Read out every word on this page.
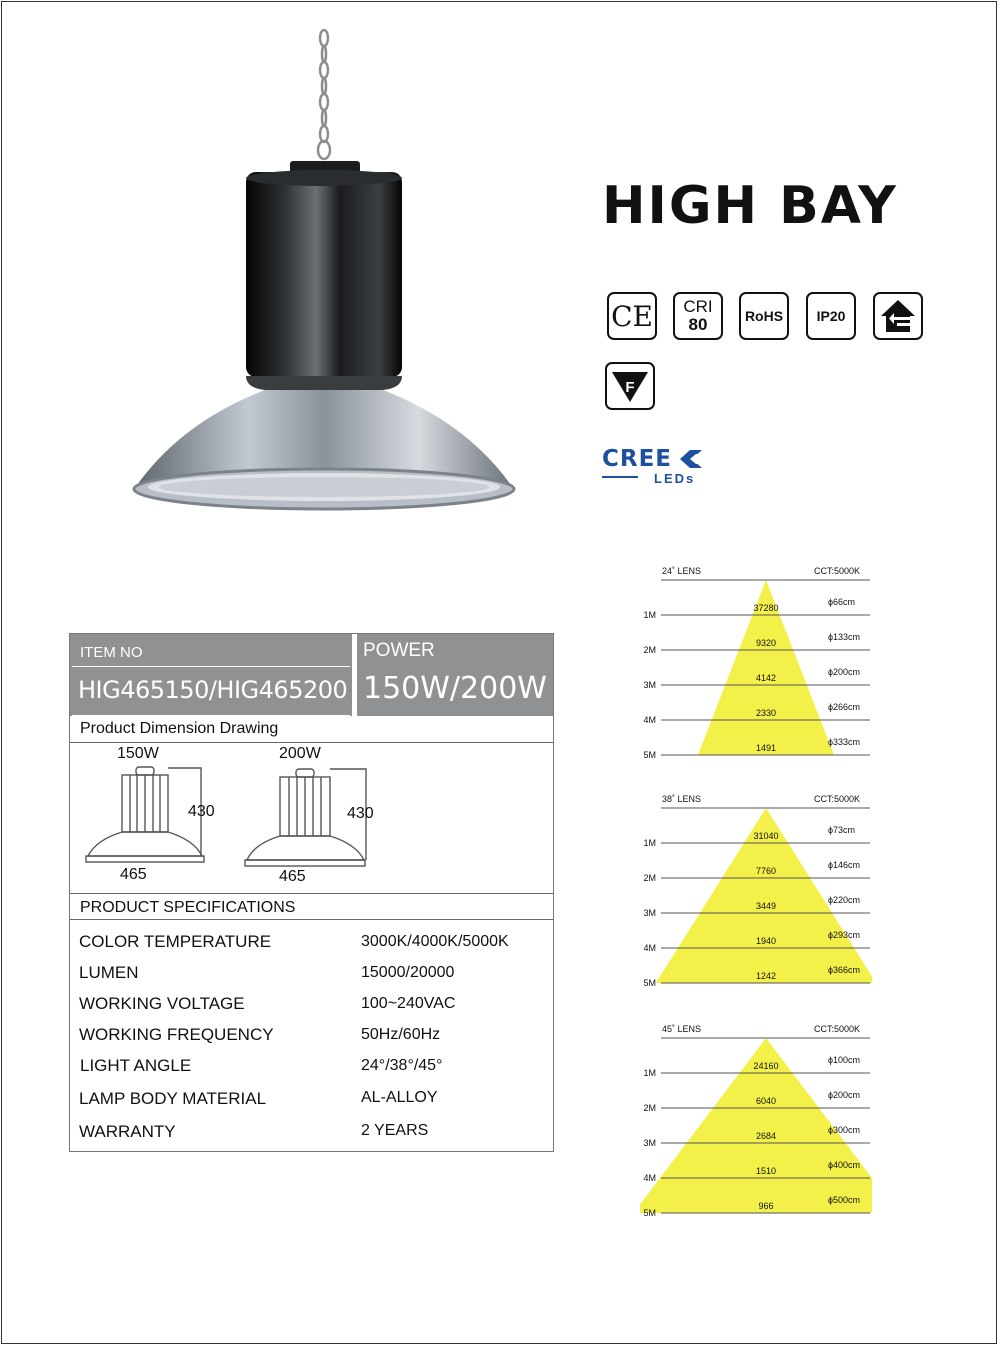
HIGH BAY
CE CRI
80	RoHS IP20
F
CREE
LEDs
ITEM NO	POWER
HIG465150/HIG465200 150W/200W
Product Dimension Drawing
150W	200W
430
465
430
465
PRODUCT SPECIFICATIONS
COLOR TEMPERATURE	3000K/4000K/5000K
LUMEN	15000/20000
WORKING VOLTAGE	100~240VAC
WORKING FREQUENCY	50Hz/60Hz
LIGHT ANGLE	24°/38°/45°
LAMP BODY MATERIAL	AL-ALLOY
WARRANTY	2 YEARS
24˚ LENS	CCT:5000K
1M
37280
ɸ66cm
2M
9320
ɸ133cm
3M
4142
ɸ200cm
4M
2330
ɸ266cm
5M
1491
ɸ333cm
38˚ LENS	CCT:5000K
1M
31040
ɸ73cm
2M
7760
ɸ146cm
3M
3449
ɸ220cm
4M
1940
ɸ293cm
5M
1242
ɸ366cm
45˚ LENS	CCT:5000K
1M
24160
ɸ100cm
2M
6040
ɸ200cm
3M
2684
ɸ300cm
4M
1510
ɸ400cm
5M
966
ɸ500cm
